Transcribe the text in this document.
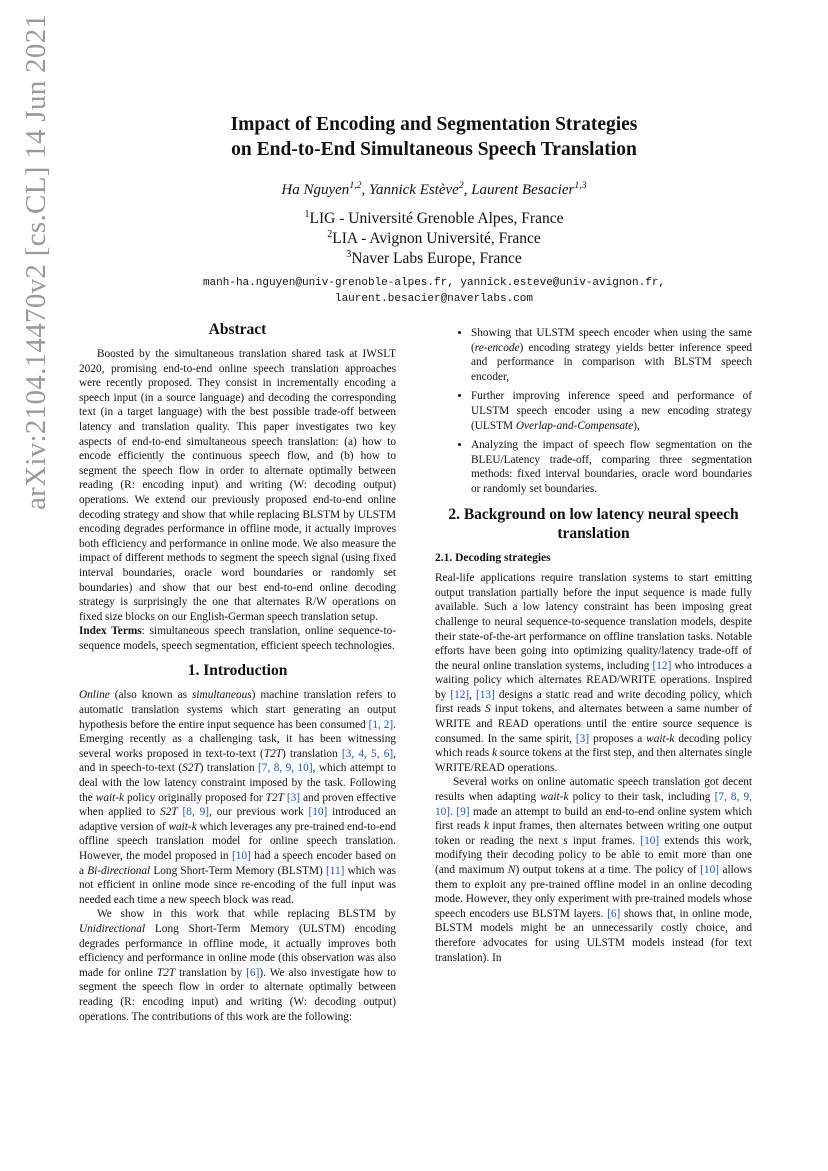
arXiv:2104.14470v2 [cs.CL] 14 Jun 2021	Impact of Encoding and Segmentation Strategies
on End-to-End Simultaneous Speech Translation
Ha Nguyen$^{1,2}$, Yannick Estève$^2$, Laurent Besacier$^{1,3}$
$^1$LIG - Université Grenoble Alpes, France
$^2$LIA - Avignon Université, France
$^3$Naver Labs Europe, France
manh-ha.nguyen@univ-grenoble-alpes.fr, yannick.esteve@univ-avignon.fr,
laurent.besacier@naverlabs.com
Abstract

Boosted by the simultaneous translation shared task at IWSLT 2020, promising end-to-end online speech translation approaches were recently proposed. They consist in incrementally encoding a speech input (in a source language) and decoding the corresponding text (in a target language) with the best possible trade-off between latency and translation quality. This paper investigates two key aspects of end-to-end simultaneous speech translation: (a) how to encode efficiently the continuous speech flow, and (b) how to segment the speech flow in order to alternate optimally between reading (R: encoding input) and writing (W: decoding output) operations. We extend our previously proposed end-to-end online decoding strategy and show that while replacing BLSTM by ULSTM encoding degrades performance in offline mode, it actually improves both efficiency and performance in online mode. We also measure the impact of different methods to segment the speech signal (using fixed interval boundaries, oracle word boundaries or randomly set boundaries) and show that our best end-to-end online decoding strategy is surprisingly the one that alternates R/W operations on fixed size blocks on our English-German speech translation setup.

Index Terms: simultaneous speech translation, online sequence-to-sequence models, speech segmentation, efficient speech technologies.

1. Introduction

Online (also known as simultaneous) machine translation refers to automatic translation systems which start generating an output hypothesis before the entire input sequence has been consumed [1, 2]. Emerging recently as a challenging task, it has been witnessing several works proposed in text-to-text (T2T) translation [3, 4, 5, 6], and in speech-to-text (S2T) translation [7, 8, 9, 10], which attempt to deal with the low latency constraint imposed by the task. Following the wait-k policy originally proposed for T2T [3] and proven effective when applied to S2T [8, 9], our previous work [10] introduced an adaptive version of wait-k which leverages any pre-trained end-to-end offline speech translation model for online speech translation. However, the model proposed in [10] had a speech encoder based on a Bi-directional Long Short-Term Memory (BLSTM) [11] which was not efficient in online mode since re-encoding of the full input was needed each time a new speech block was read.

We show in this work that while replacing BLSTM by Unidirectional Long Short-Term Memory (ULSTM) encoding degrades performance in offline mode, it actually improves both efficiency and performance in online mode (this observation was also made for online T2T translation by [6]). We also investigate how to segment the speech flow in order to alternate optimally between reading (R: encoding input) and writing (W: decoding output) operations. The contributions of this work are the following:

• Showing that ULSTM speech encoder when using the same (re-encode) encoding strategy yields better inference speed and performance in comparison with BLSTM speech encoder,
• Further improving inference speed and performance of ULSTM speech encoder using a new encoding strategy (ULSTM Overlap-and-Compensate),
• Analyzing the impact of speech flow segmentation on the BLEU/Latency trade-off, comparing three segmentation methods: fixed interval boundaries, oracle word boundaries or randomly set boundaries.
2. Background on low latency neural speech translation
2.1. Decoding strategies

Real-life applications require translation systems to start emitting output translation partially before the input sequence is made fully available. Such a low latency constraint has been imposing great challenge to neural sequence-to-sequence translation models, despite their state-of-the-art performance on offline translation tasks. Notable efforts have been going into optimizing quality/latency trade-off of the neural online translation systems, including [12] who introduces a waiting policy which alternates READ/WRITE operations. Inspired by [12], [13] designs a static read and write decoding policy, which first reads S input tokens, and alternates between a same number of WRITE and READ operations until the entire source sequence is consumed. In the same spirit, [3] proposes a wait-k decoding policy which reads k source tokens at the first step, and then alternates single WRITE/READ operations.

Several works on online automatic speech translation got decent results when adapting wait-k policy to their task, including [7, 8, 9, 10]. [9] made an attempt to build an end-to-end online system which first reads k input frames, then alternates between writing one output token or reading the next s input frames. [10] extends this work, modifying their decoding policy to be able to emit more than one (and maximum N) output tokens at a time. The policy of [10] allows them to exploit any pre-trained offline model in an online decoding mode. However, they only experiment with pre-trained models whose speech encoders use BLSTM layers. [6] shows that, in online mode, BLSTM models might be an unnecessarily costly choice, and therefore advocates for using ULSTM models instead (for text translation). In
